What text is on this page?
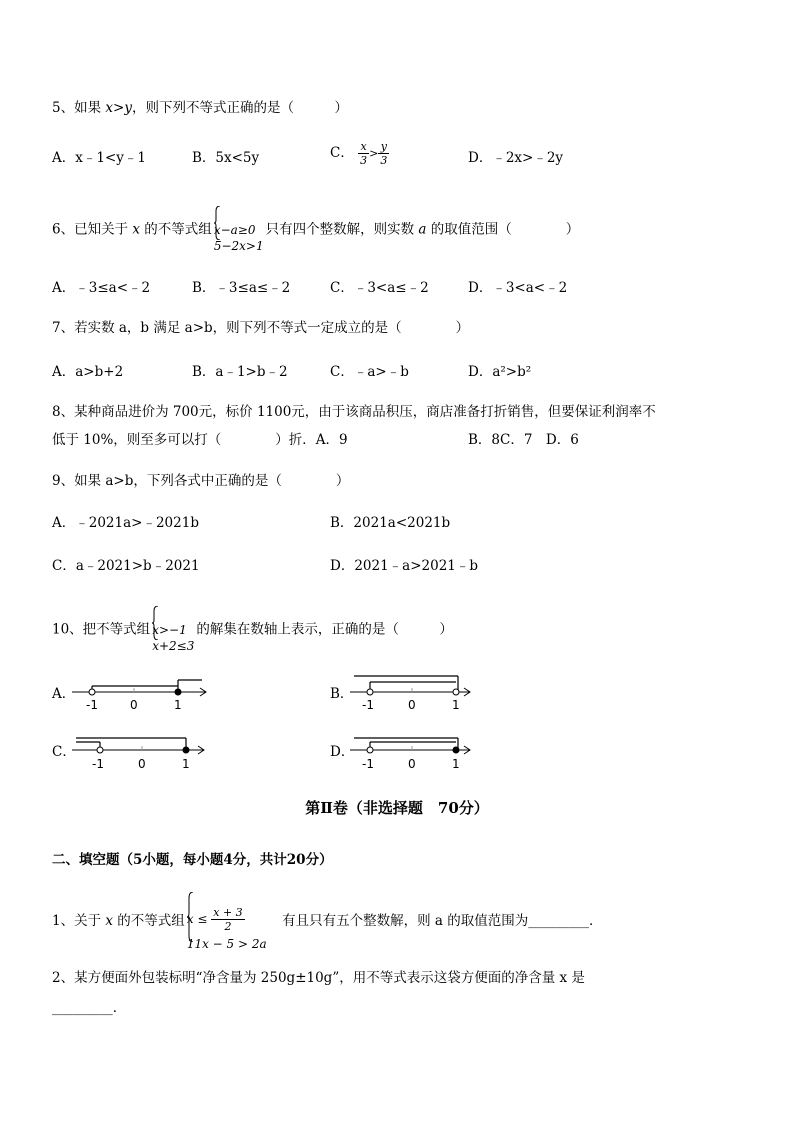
5、如果 x>y，则下列不等式正确的是（　　　）
A．x﹣1<y﹣1	B．5x<5y	C． $\frac{x}{3} > \frac{y}{3}$	D．﹣2x>﹣2y
6、已知关于 x 的不等式组 x−a≥0
5−2x>1
只有四个整数解，则实数 a 的取值范围（　　　　）
A．﹣3≤a<﹣2	B．﹣3≤a≤﹣2	C．﹣3<a≤﹣2	D．﹣3<a<﹣2
7、若实数 a，b 满足 a>b，则下列不等式一定成立的是（　　　　）
A．a>b+2	B．a﹣1>b﹣2	C．﹣a>﹣b	D．a²>b²
8、某种商品进价为 700元，标价 1100元，由于该商品积压，商店准备打折销售，但要保证利润率不
低于 10%，则至多可以打（　　　　）折．A．9	B．8C．7　D．6
9、如果 a>b，下列各式中正确的是（　　　　）
A．﹣2021a>﹣2021b	B．2021a<2021b
C．a﹣2021>b﹣2021	D．2021﹣a>2021﹣b
10、把不等式组 x>−1
x+2≤3
的解集在数轴上表示，正确的是（　　　）
A．
-1	0	1
B．
-1	0	1
C．
-1	0	1
D．
-1	0	1
第Ⅱ卷（非选择题　70分）
二、填空题（5小题，每小题4分，共计20分）
1、关于 x 的不等式组 $x \le \frac{x + 3}{2}$
11x − 5 > 2a
　有且只有五个整数解，则 a 的取值范围为_________．
2、某方便面外包装标明“净含量为 250g±10g”，用不等式表示这袋方便面的净含量 x 是
_________．
